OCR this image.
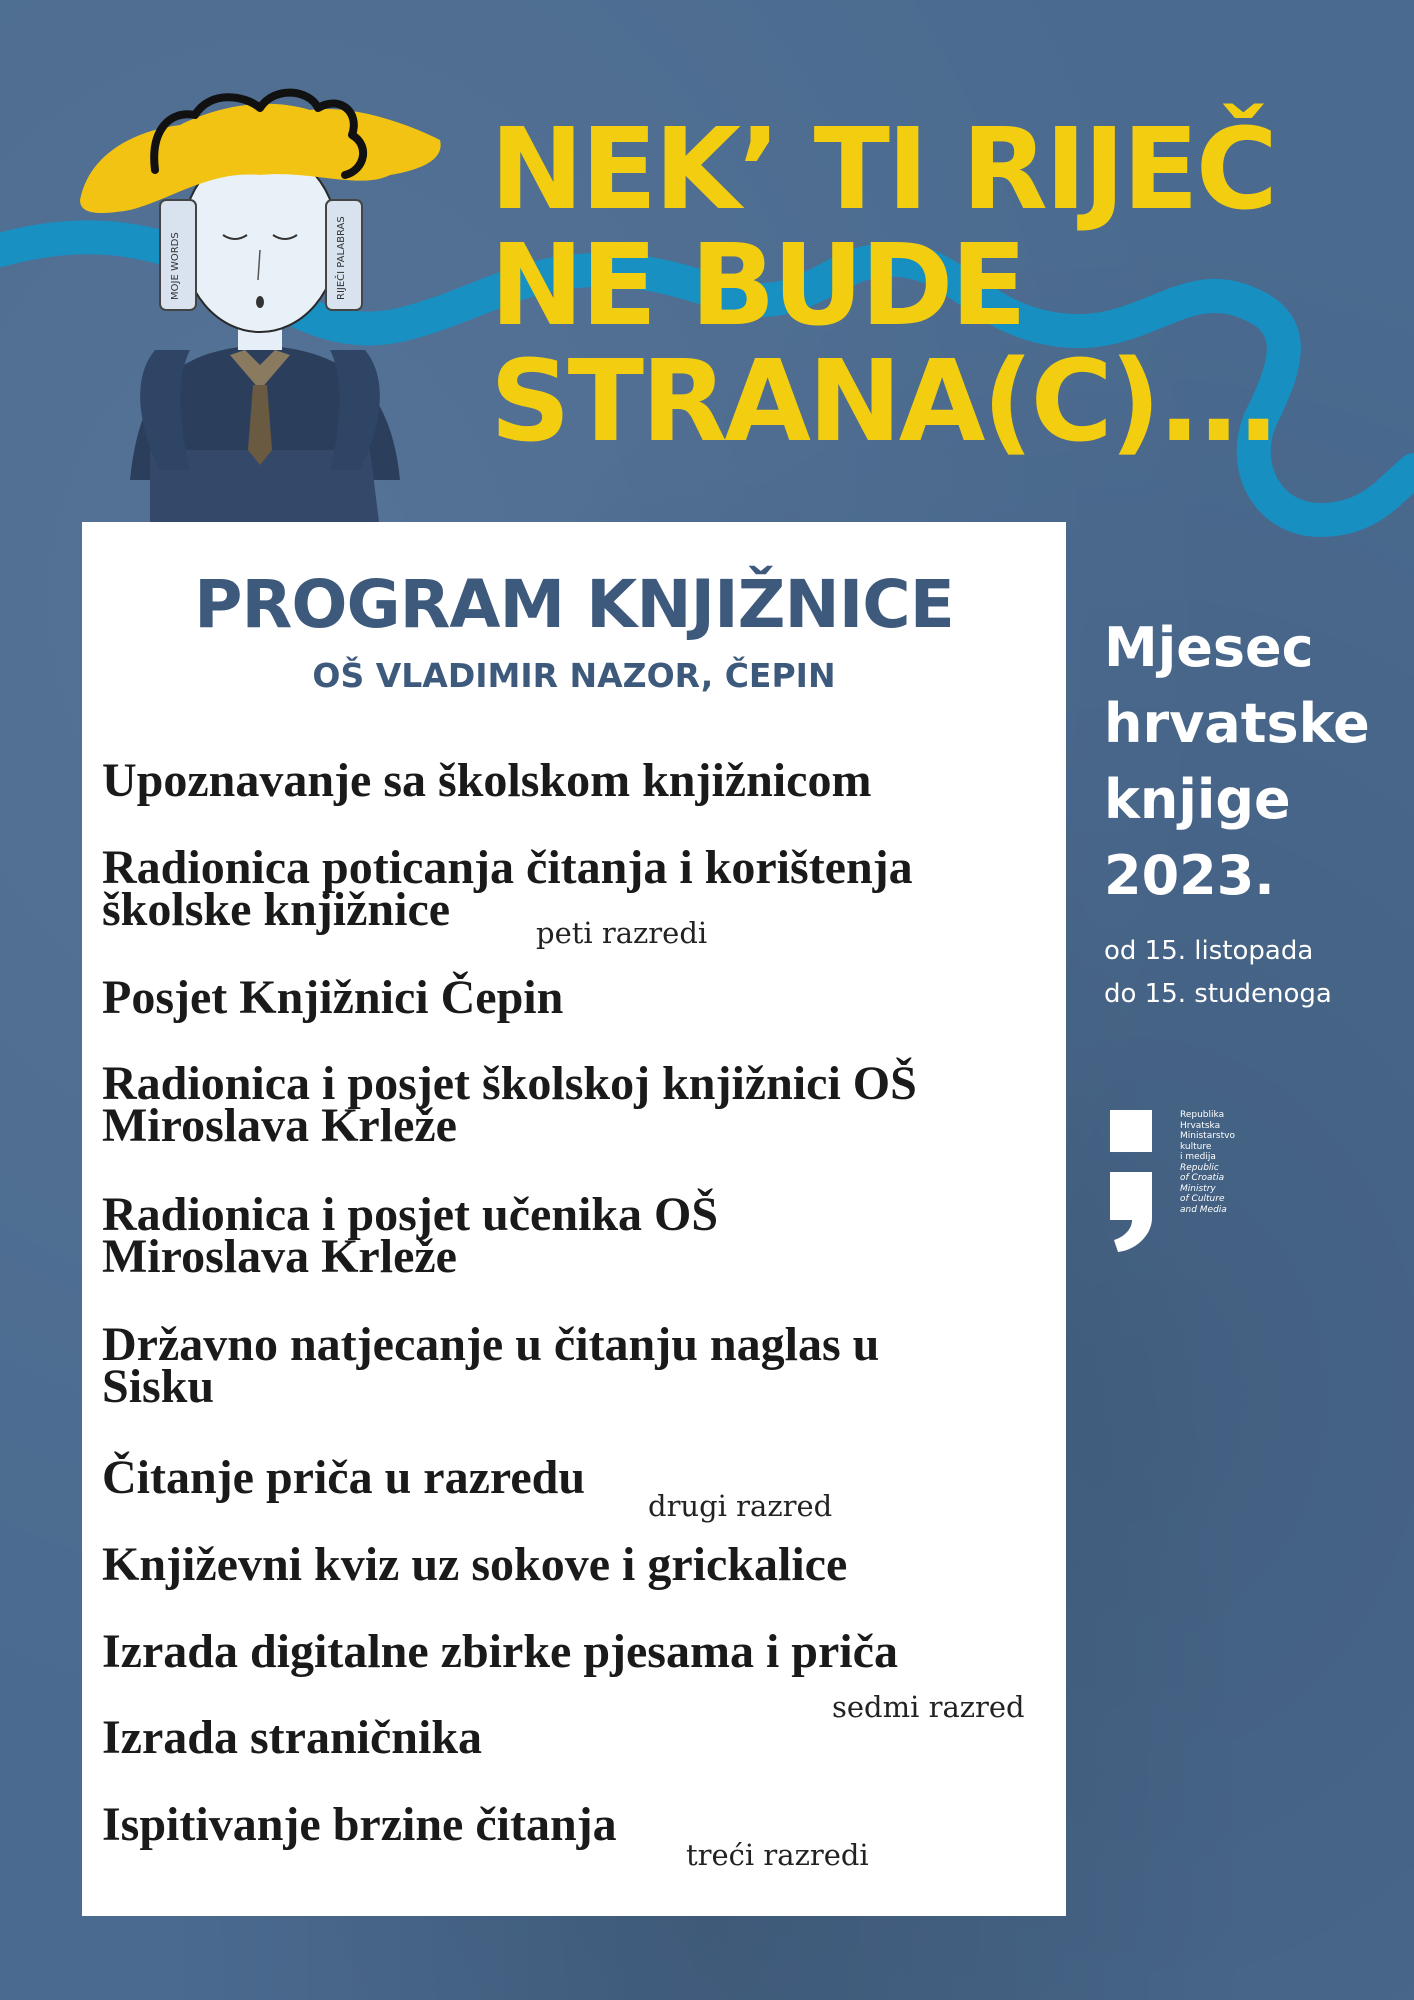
MOJE WORDS	RIJEČI PALABRAS
NEK’ TI RIJEČ
NE BUDE
STRANA(C)...
PROGRAM KNJIŽNICE

OŠ VLADIMIR NAZOR, ČEPIN

Upoznavanje sa školskom knjižnicom

Radionica poticanja čitanja i korištenja
školske knjižnice	peti razredi

Posjet Knjižnici Čepin

Radionica i posjet školskoj knjižnici OŠ
Miroslava Krleže

Radionica i posjet učenika OŠ
Miroslava Krleže

Državno natjecanje u čitanju naglas u
Sisku

Čitanje priča u razredu

drugi razred

Književni kviz uz sokove i grickalice

Izrada digitalne zbirke pjesama i priča

Izrada straničnika

sedmi razred

Ispitivanje brzine čitanja

treći razredi

Mjesec
hrvatske
knjige
2023.

od 15. listopada
do 15. studenoga

Republika
Hrvatska
Ministarstvo
kulture
i medija
Republic
of Croatia
Ministry
of Culture
and Media
